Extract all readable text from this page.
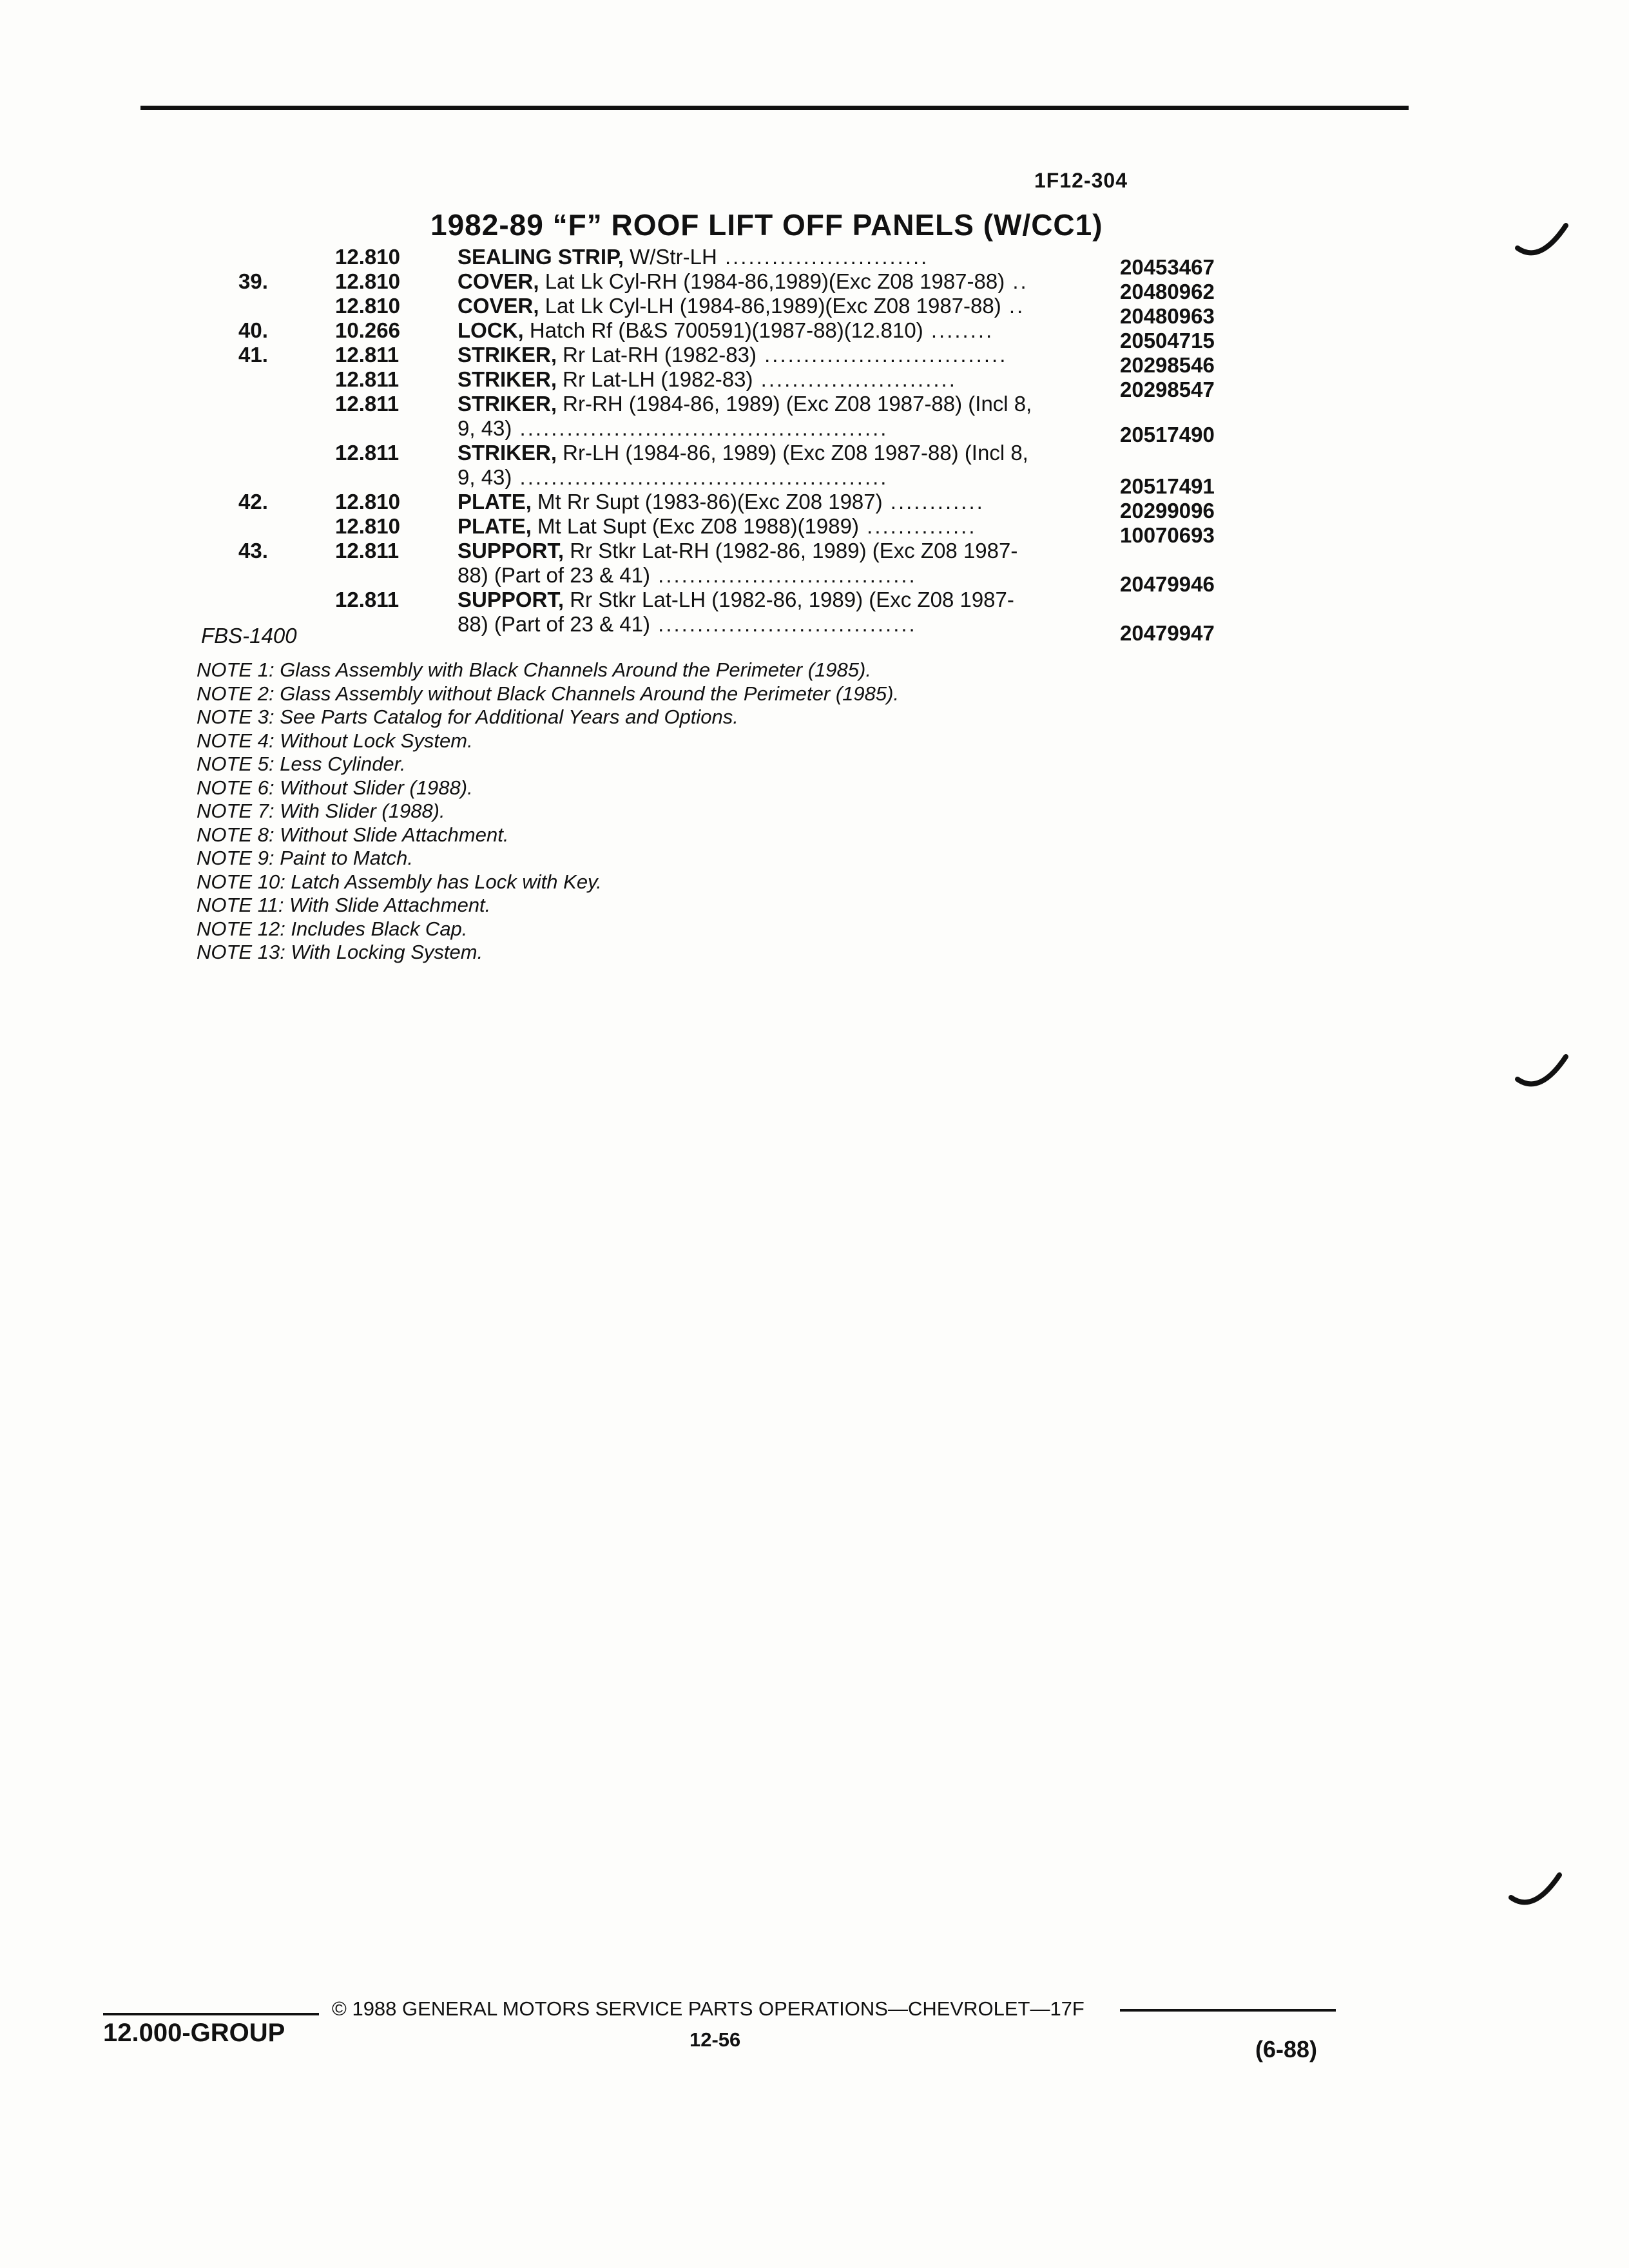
1F12-304
1982-89 “F” ROOF LIFT OFF PANELS (W/CC1)
12.810	SEALING STRIP, W/Str-LH ..........................	20453467
39.	12.810	COVER, Lat Lk Cyl-RH (1984-86,1989)(Exc Z08 1987-88) ..	20480962
12.810	COVER, Lat Lk Cyl-LH (1984-86,1989)(Exc Z08 1987-88) ..	20480963
40.	10.266	LOCK, Hatch Rf (B&S 700591)(1987-88)(12.810) ........	20504715
41.	12.811	STRIKER, Rr Lat-RH (1982-83) ...............................	20298546
12.811	STRIKER, Rr Lat-LH (1982-83) .........................	20298547
12.811	STRIKER, Rr-RH (1984-86, 1989) (Exc Z08 1987-88) (Incl 8,
9, 43) ...............................................	20517490
12.811	STRIKER, Rr-LH (1984-86, 1989) (Exc Z08 1987-88) (Incl 8,
9, 43) ...............................................	20517491
42.	12.810	PLATE, Mt Rr Supt (1983-86)(Exc Z08 1987) ............	20299096
12.810	PLATE, Mt Lat Supt (Exc Z08 1988)(1989) ..............	10070693
43.	12.811	SUPPORT, Rr Stkr Lat-RH (1982-86, 1989) (Exc Z08 1987-
88) (Part of 23 & 41) .................................	20479946
12.811	SUPPORT, Rr Stkr Lat-LH (1982-86, 1989) (Exc Z08 1987-
88) (Part of 23 & 41) .................................	20479947
FBS-1400
NOTE 1: Glass Assembly with Black Channels Around the Perimeter (1985).
NOTE 2: Glass Assembly without Black Channels Around the Perimeter (1985).
NOTE 3: See Parts Catalog for Additional Years and Options.
NOTE 4: Without Lock System.
NOTE 5: Less Cylinder.
NOTE 6: Without Slider (1988).
NOTE 7: With Slider (1988).
NOTE 8: Without Slide Attachment.
NOTE 9: Paint to Match.
NOTE 10: Latch Assembly has Lock with Key.
NOTE 11: With Slide Attachment.
NOTE 12: Includes Black Cap.
NOTE 13: With Locking System.
12.000-GROUP
© 1988 GENERAL MOTORS SERVICE PARTS OPERATIONS—CHEVROLET—17F
12-56	(6-88)
